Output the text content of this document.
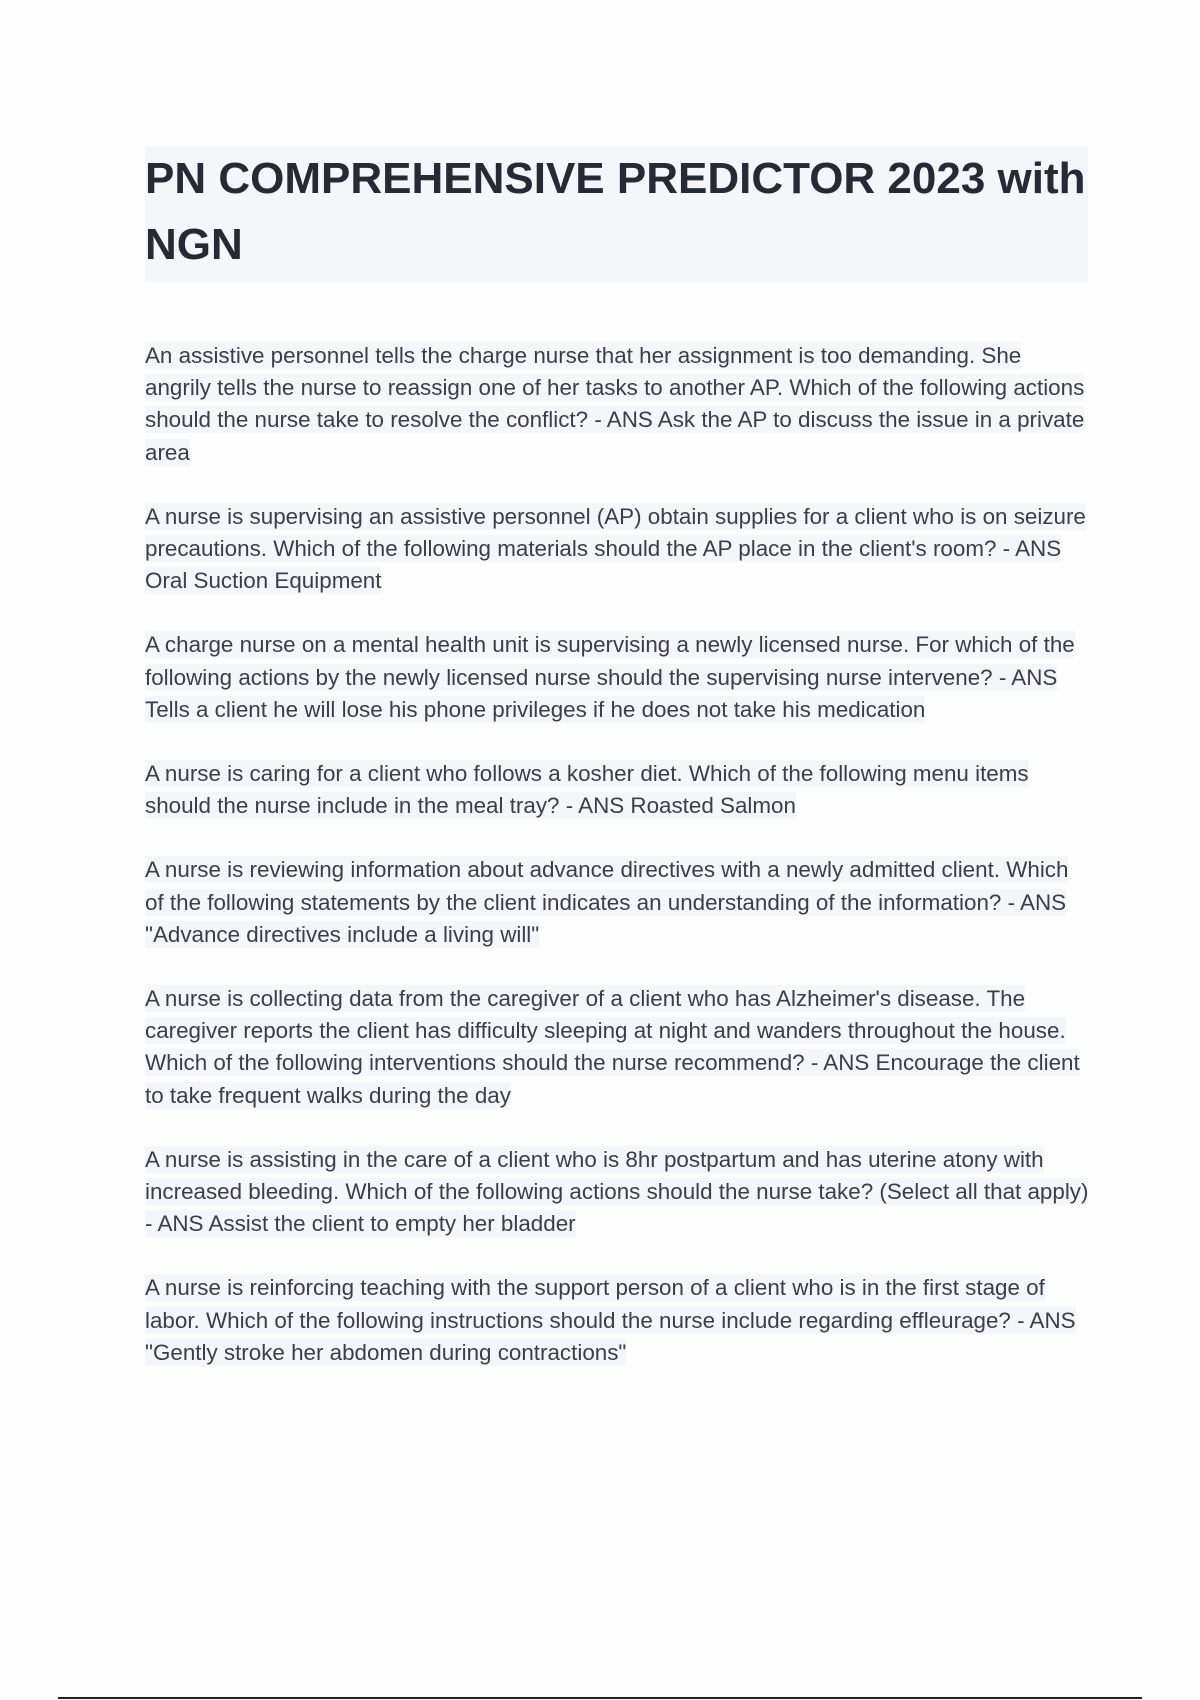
PN COMPREHENSIVE PREDICTOR 2023 with NGN

An assistive personnel tells the charge nurse that her assignment is too demanding. She angrily tells the nurse to reassign one of her tasks to another AP. Which of the following actions should the nurse take to resolve the conflict? - ANS Ask the AP to discuss the issue in a private area

A nurse is supervising an assistive personnel (AP) obtain supplies for a client who is on seizure precautions. Which of the following materials should the AP place in the client's room? - ANS Oral Suction Equipment

A charge nurse on a mental health unit is supervising a newly licensed nurse. For which of the following actions by the newly licensed nurse should the supervising nurse intervene? - ANS Tells a client he will lose his phone privileges if he does not take his medication

A nurse is caring for a client who follows a kosher diet. Which of the following menu items should the nurse include in the meal tray? - ANS Roasted Salmon

A nurse is reviewing information about advance directives with a newly admitted client. Which of the following statements by the client indicates an understanding of the information? - ANS "Advance directives include a living will"

A nurse is collecting data from the caregiver of a client who has Alzheimer's disease. The caregiver reports the client has difficulty sleeping at night and wanders throughout the house. Which of the following interventions should the nurse recommend? - ANS Encourage the client to take frequent walks during the day

A nurse is assisting in the care of a client who is 8hr postpartum and has uterine atony with increased bleeding. Which of the following actions should the nurse take? (Select all that apply) - ANS Assist the client to empty her bladder

A nurse is reinforcing teaching with the support person of a client who is in the first stage of labor. Which of the following instructions should the nurse include regarding effleurage? - ANS "Gently stroke her abdomen during contractions"
